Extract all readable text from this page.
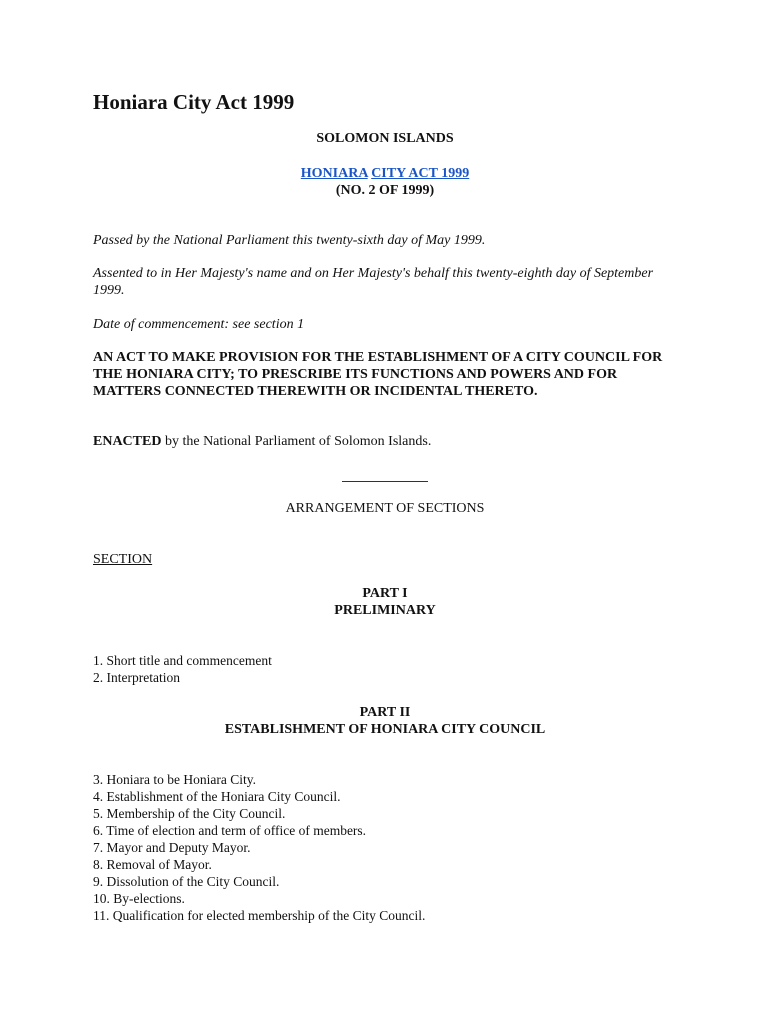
Honiara City Act 1999

SOLOMON ISLANDS

HONIARA CITY ACT 1999

(NO. 2 OF 1999)

Passed by the National Parliament this twenty-sixth day of May 1999.

Assented to in Her Majesty's name and on Her Majesty's behalf this twenty-eighth day of September 1999.

Date of commencement: see section 1

AN ACT TO MAKE PROVISION FOR THE ESTABLISHMENT OF A CITY COUNCIL FOR THE HONIARA CITY; TO PRESCRIBE ITS FUNCTIONS AND POWERS AND FOR MATTERS CONNECTED THEREWITH OR INCIDENTAL THERETO.

ENACTED by the National Parliament of Solomon Islands.

ARRANGEMENT OF SECTIONS

SECTION

PART I

PRELIMINARY

1. Short title and commencement
2. Interpretation

PART II

ESTABLISHMENT OF HONIARA CITY COUNCIL

3. Honiara to be Honiara City.
4. Establishment of the Honiara City Council.
5. Membership of the City Council.
6. Time of election and term of office of members.
7. Mayor and Deputy Mayor.
8. Removal of Mayor.
9. Dissolution of the City Council.
10. By-elections.
11. Qualification for elected membership of the City Council.
